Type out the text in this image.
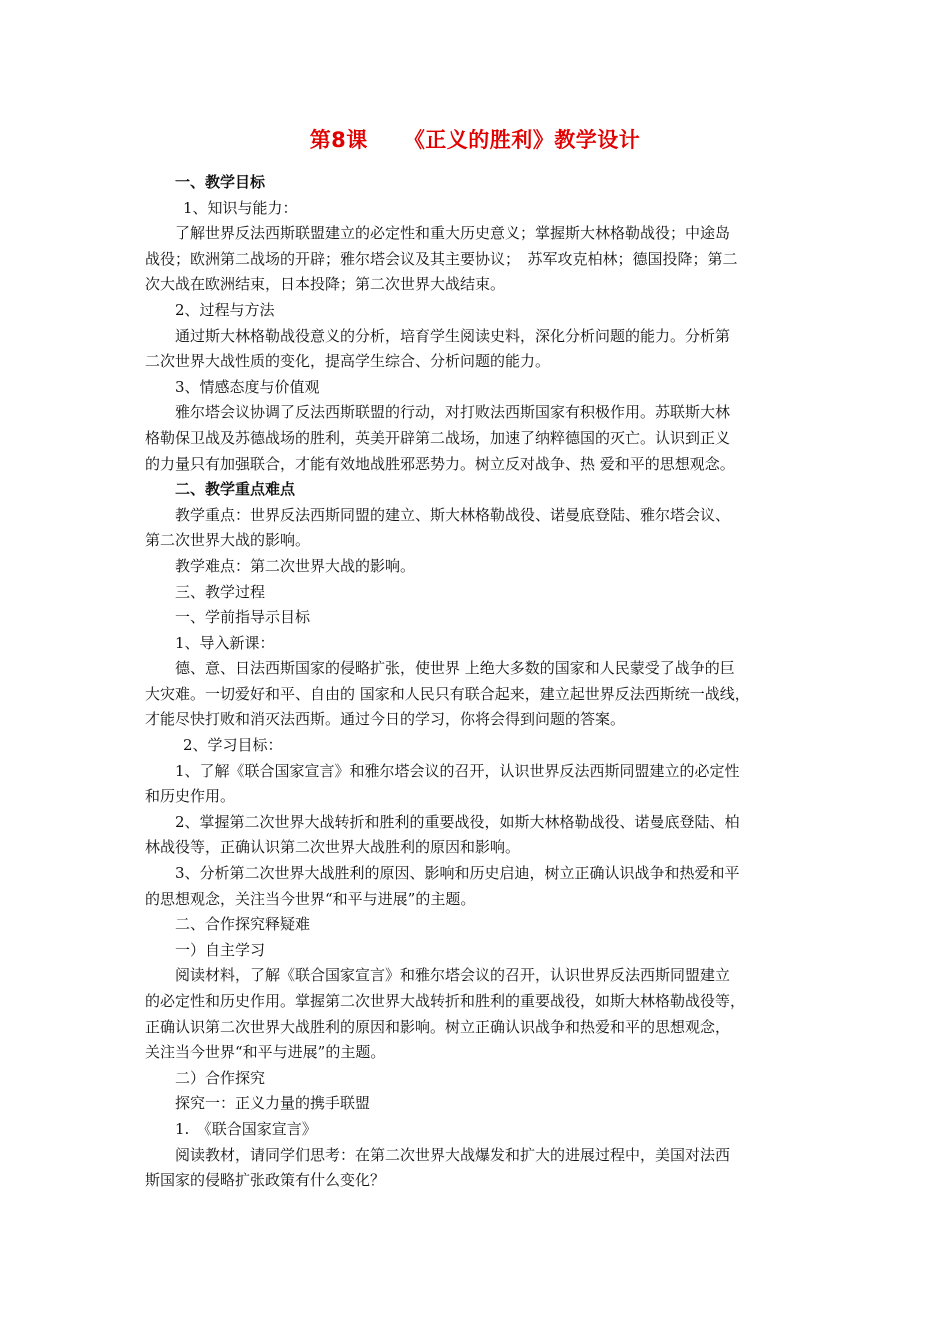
第8课 《正义的胜利》教学设计
一、教学目标
1、知识与能力：
了解世界反法西斯联盟建立的必定性和重大历史意义；掌握斯大林格勒战役；中途岛
战役；欧洲第二战场的开辟；雅尔塔会议及其主要协议；　苏军攻克柏林；德国投降；第二
次大战在欧洲结束，日本投降；第二次世界大战结束。
2、过程与方法
通过斯大林格勒战役意义的分析，培育学生阅读史料，深化分析问题的能力。分析第
二次世界大战性质的变化，提高学生综合、分析问题的能力。
3、情感态度与价值观
雅尔塔会议协调了反法西斯联盟的行动，对打败法西斯国家有积极作用。苏联斯大林
格勒保卫战及苏德战场的胜利，英美开辟第二战场，加速了纳粹德国的灭亡。认识到正义
的力量只有加强联合，才能有效地战胜邪恶势力。树立反对战争、热 爱和平的思想观念。
二、教学重点难点
教学重点：世界反法西斯同盟的建立、斯大林格勒战役、诺曼底登陆、雅尔塔会议、
第二次世界大战的影响。
教学难点：第二次世界大战的影响。
三、教学过程
一、学前指导示目标
1、导入新课：
德、意、日法西斯国家的侵略扩张，使世界 上绝大多数的国家和人民蒙受了战争的巨
大灾难。一切爱好和平、自由的 国家和人民只有联合起来，建立起世界反法西斯统一战线，
才能尽快打败和消灭法西斯。通过今日的学习，你将会得到问题的答案。
2、学习目标：
1、了解《联合国家宣言》和雅尔塔会议的召开，认识世界反法西斯同盟建立的必定性
和历史作用。
2、掌握第二次世界大战转折和胜利的重要战役，如斯大林格勒战役、诺曼底登陆、柏
林战役等，正确认识第二次世界大战胜利的原因和影响。
3、分析第二次世界大战胜利的原因、影响和历史启迪，树立正确认识战争和热爱和平
的思想观念，关注当今世界“和平与进展”的主题。
二、合作探究释疑难
一）自主学习
阅读材料，了解《联合国家宣言》和雅尔塔会议的召开，认识世界反法西斯同盟建立
的必定性和历史作用。掌握第二次世界大战转折和胜利的重要战役，如斯大林格勒战役等，
正确认识第二次世界大战胜利的原因和影响。树立正确认识战争和热爱和平的思想观念，
关注当今世界“和平与进展”的主题。
二）合作探究
探究一：正义力量的携手联盟
1.　《联合国家宣言》
阅读教材，请同学们思考：在第二次世界大战爆发和扩大的进展过程中，美国对法西
斯国家的侵略扩张政策有什么变化？
